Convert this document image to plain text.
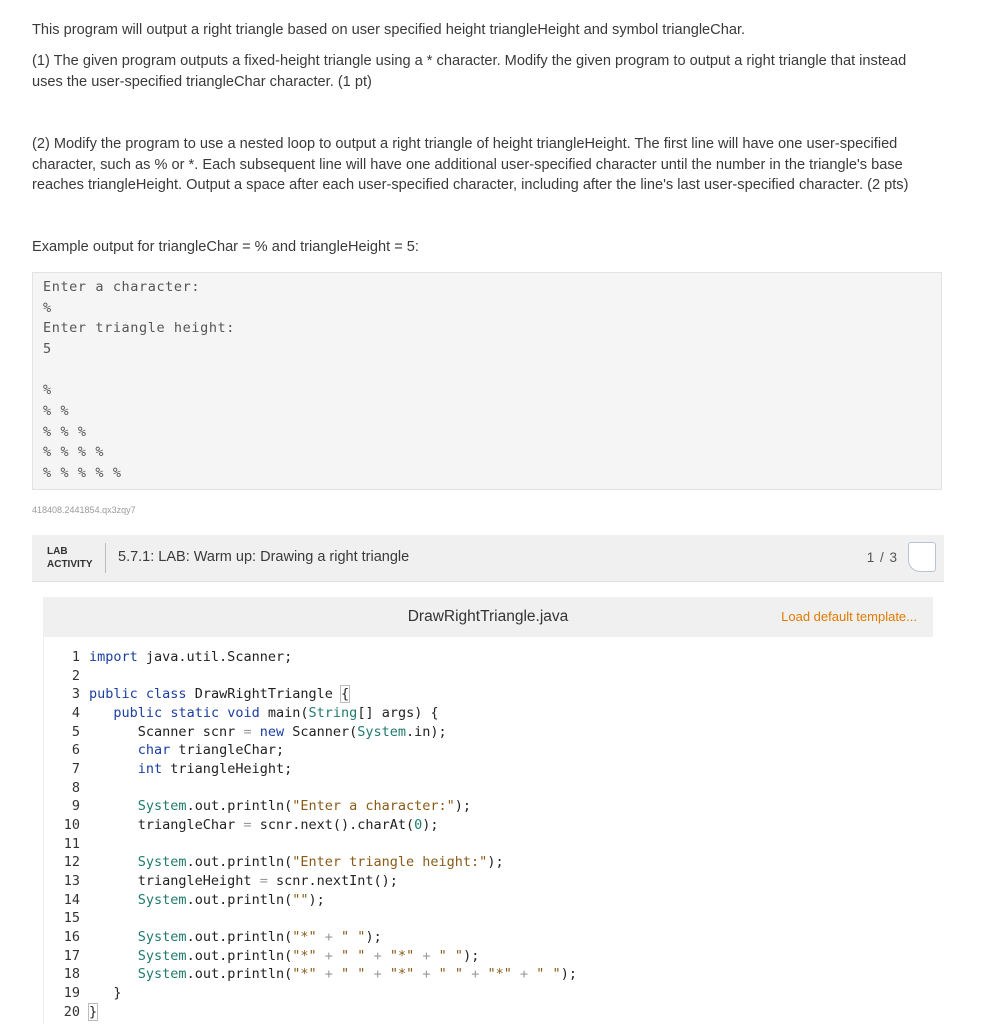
This program will output a right triangle based on user specified height triangleHeight and symbol triangleChar.

(1) The given program outputs a fixed-height triangle using a * character. Modify the given program to output a right triangle that instead uses the user-specified triangleChar character. (1 pt)

(2) Modify the program to use a nested loop to output a right triangle of height triangleHeight. The first line will have one user-specified character, such as % or *. Each subsequent line will have one additional user-specified character until the number in the triangle's base reaches triangleHeight. Output a space after each user-specified character, including after the line's last user-specified character. (2 pts)

Example output for triangleChar = % and triangleHeight = 5:

Enter a character:
%
Enter triangle height:
5
%
% %
% % %
% % % %
% % % % %
418408.2441854.qx3zqy7
LAB
ACTIVITY 5.7.1: LAB: Warm up: Drawing a right triangle	1 / 3
DrawRightTriangle.java	Load default template...
1 import java.util.Scanner;
2
3 public class DrawRightTriangle {
4 public static void main(String[] args) {
5      Scanner scnr = new Scanner(System.in);
6	char triangleChar;
7	int triangleHeight;
8
9	System.out.println("Enter a character:");
10      triangleChar = scnr.next().charAt(0);
11
12	System.out.println("Enter triangle height:");
13      triangleHeight = scnr.nextInt();
14	System.out.println("");
15
16	System.out.println("*" + " ");
17	System.out.println("*" + " " + "*" + " ");
18	System.out.println("*" + " " + "*" + " " + "*" + " ");
19   }
20 }
